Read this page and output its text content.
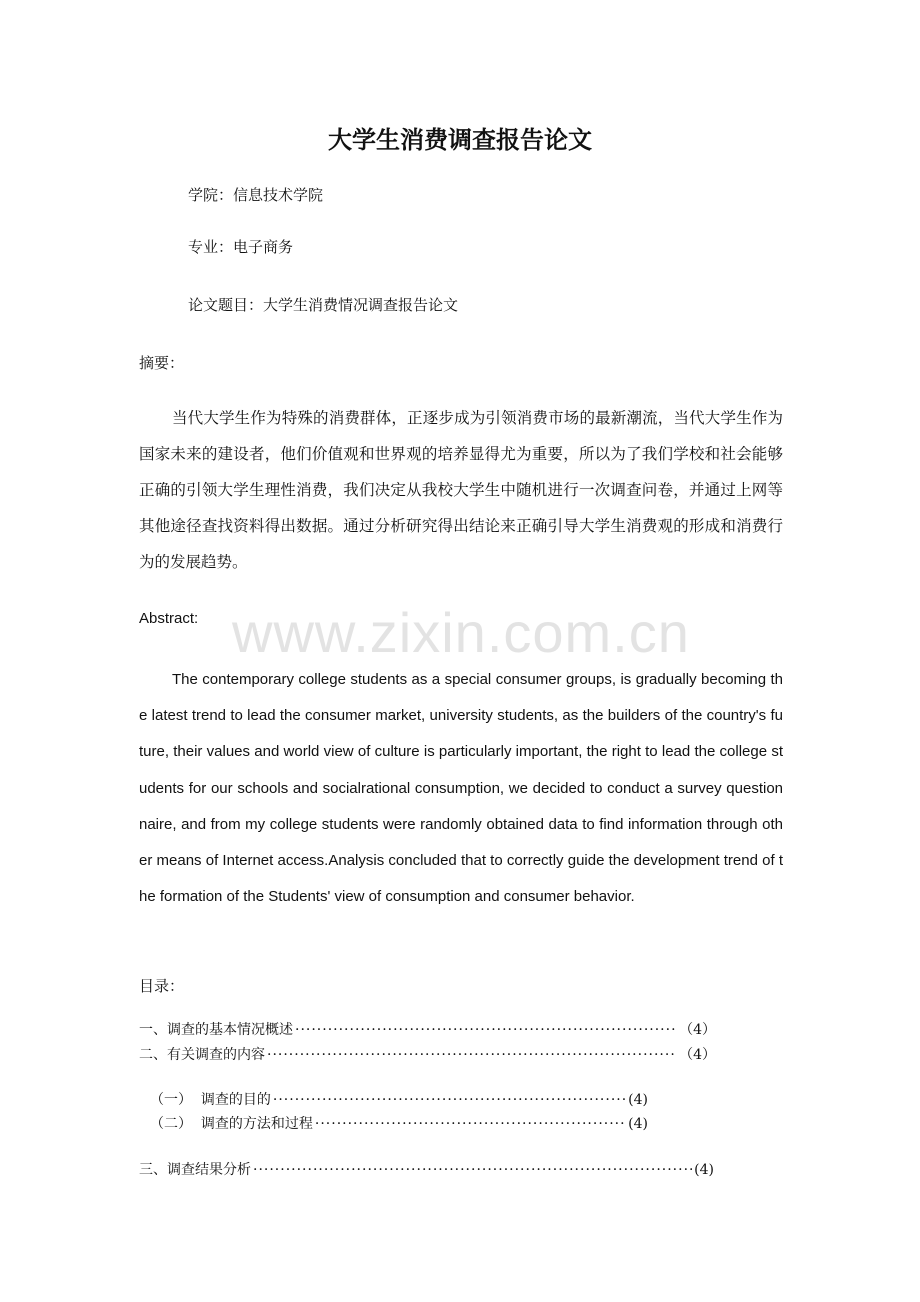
www.zixin.com.cn
大学生消费调查报告论文
学院：信息技术学院
专业：电子商务
论文题目：大学生消费情况调查报告论文
摘要：

当代大学生作为特殊的消费群体，正逐步成为引领消费市场的最新潮流，当代大学生作为国家未来的建设者，他们价值观和世界观的培养显得尤为重要，所以为了我们学校和社会能够正确的引领大学生理性消费，我们决定从我校大学生中随机进行一次调查问卷，并通过上网等其他途径查找资料得出数据。通过分析研究得出结论来正确引导大学生消费观的形成和消费行为的发展趋势。

Abstract:

The contemporary college students as a special consumer groups, is gradually becoming the latest trend to lead the consumer market, university students, as the builders of the country's future, their values and world view of culture is particularly important, the right to lead the college students for our schools and socialrational consumption, we decided to conduct a survey questionnaire, and from my college students were randomly obtained data to find information through other means of Internet access.Analysis concluded that to correctly guide the development trend of the formation of the Students' view of consumption and consumer behavior.

目录：
一、调查的基本情况概述 ·····	（4）
二、有关调查的内容 ·····	（4）
（一）  调查的目的 ·····	(4)
（二）  调查的方法和过程 ·····	(4)
三、调查结果分析 ·····	(4)
